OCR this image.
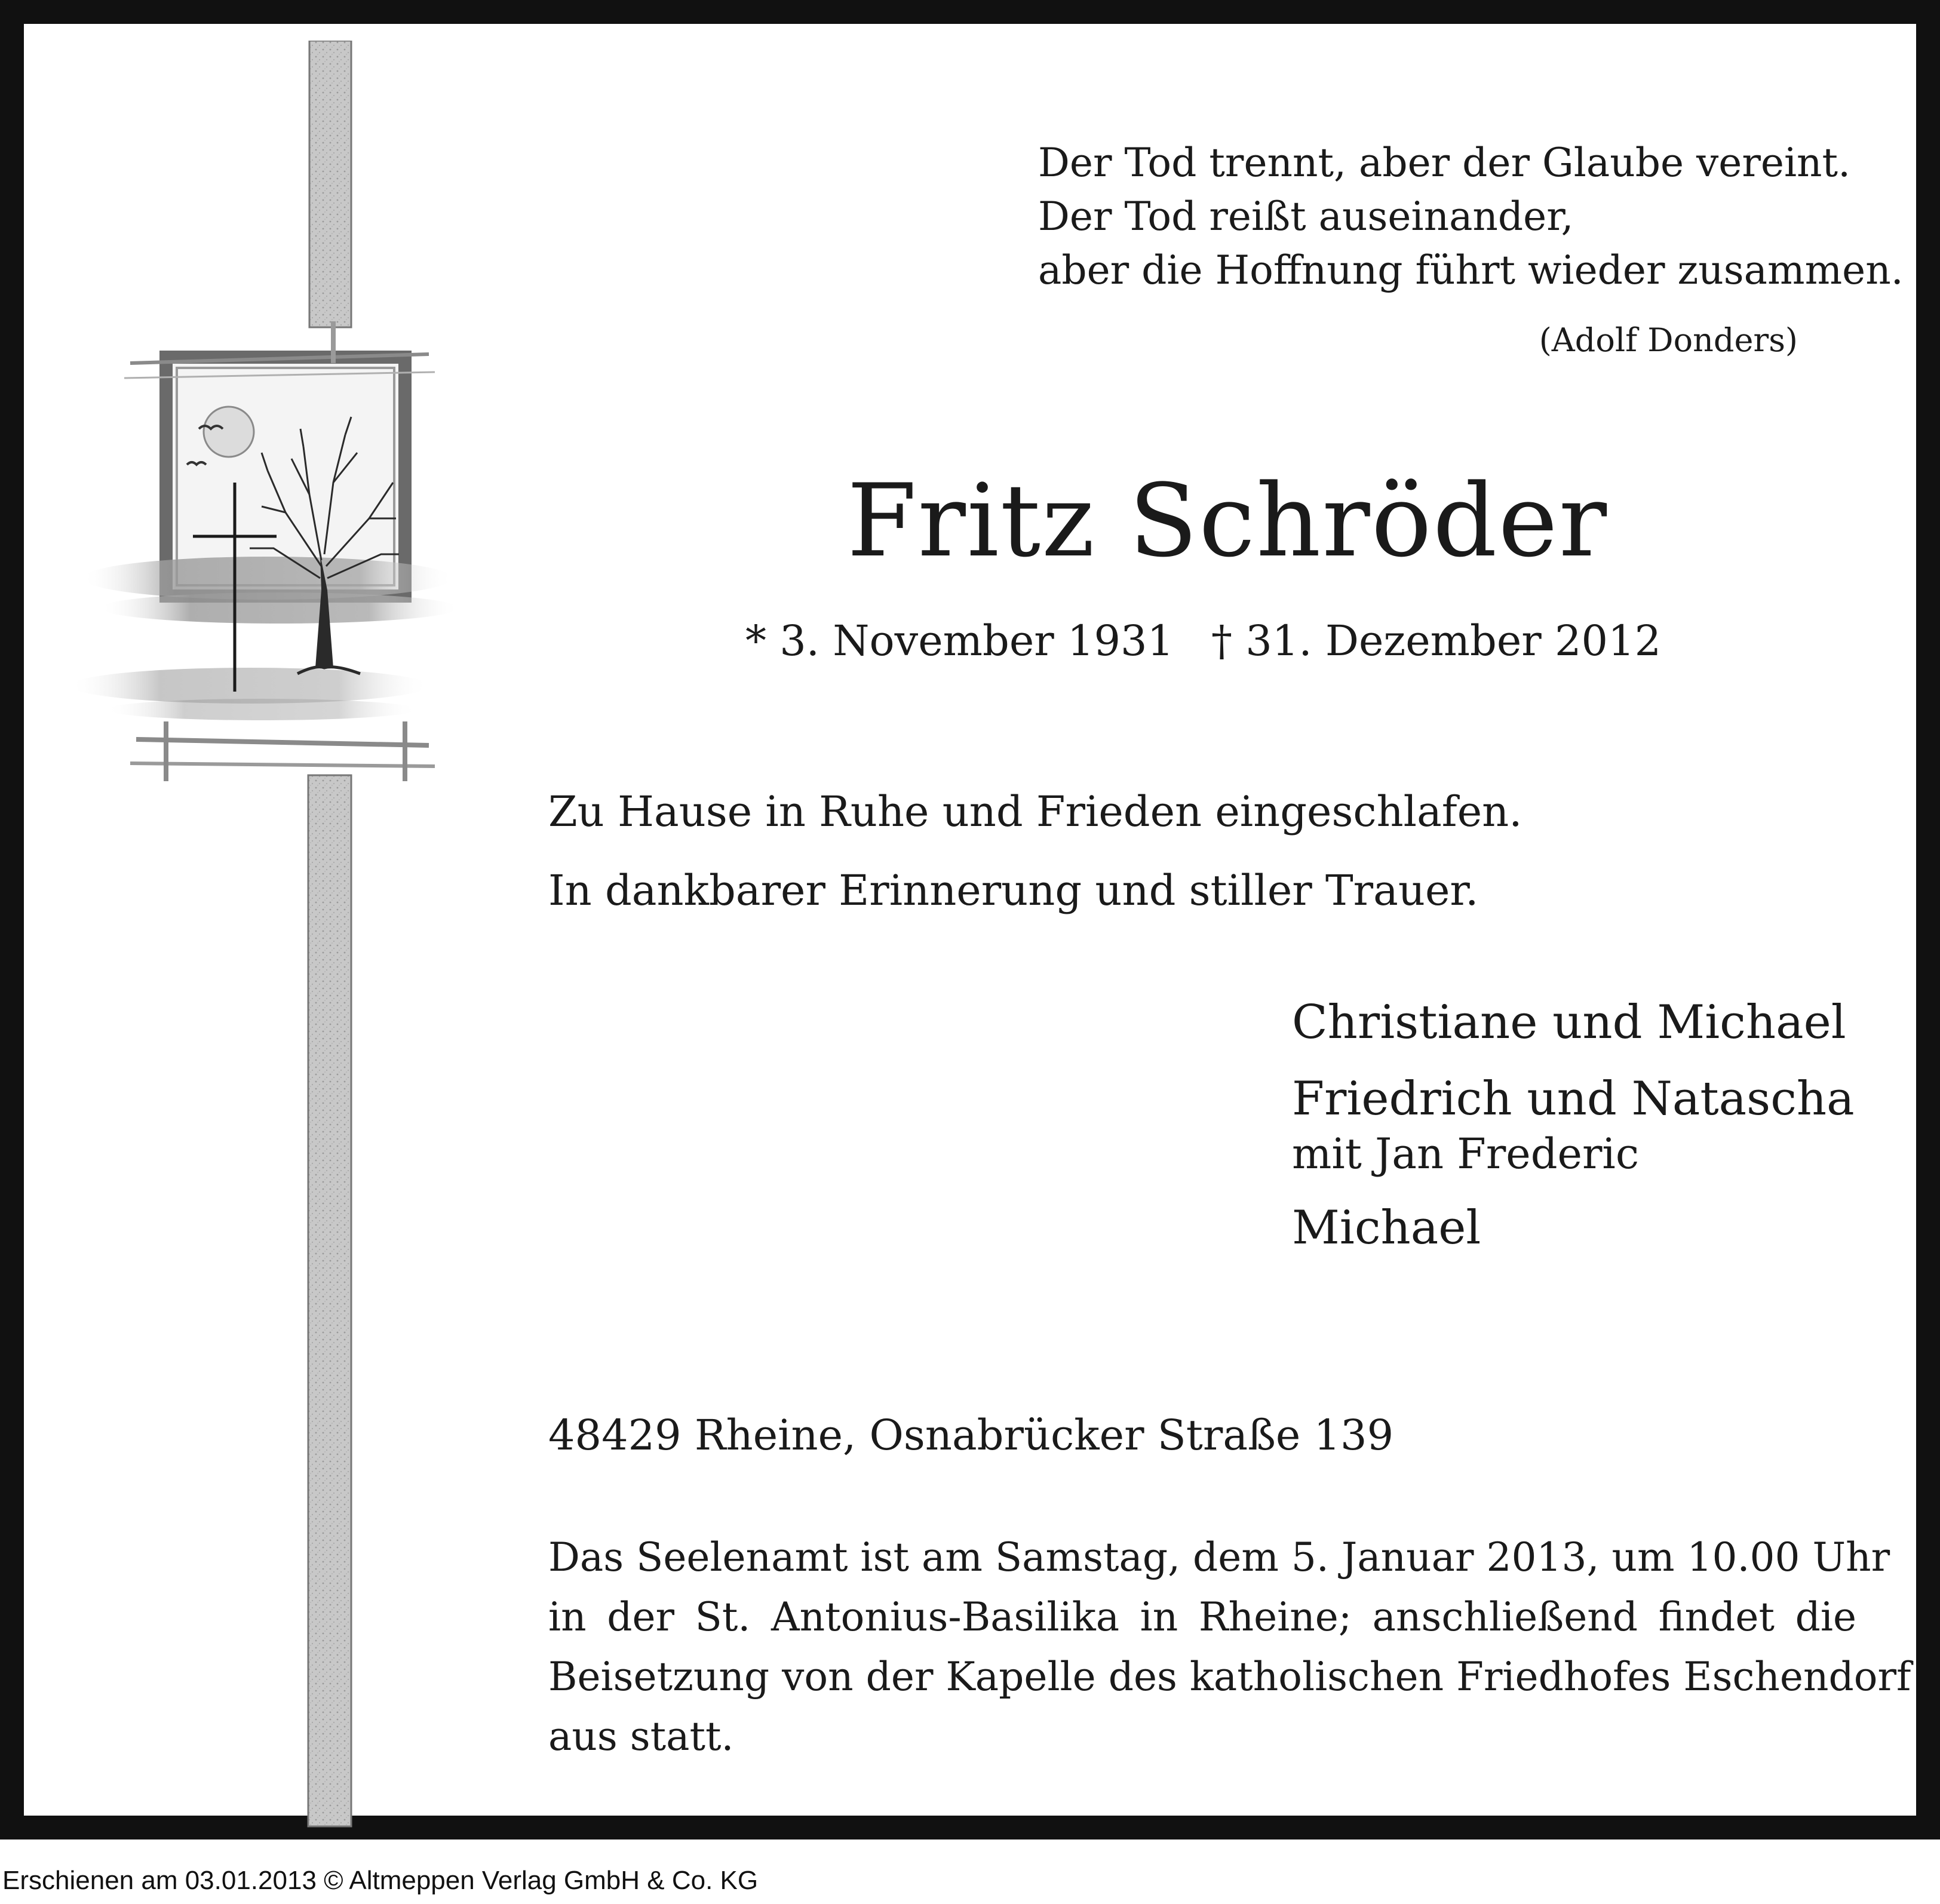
Der Tod trennt, aber der Glaube vereint.
Der Tod reißt auseinander,
aber die Hoffnung führt wieder zusammen.
(Adolf Donders)
Fritz Schröder
* 3. November 1931 † 31. Dezember 2012
Zu Hause in Ruhe und Frieden eingeschlafen.
In dankbarer Erinnerung und stiller Trauer.
Christiane und Michael
Friedrich und Natascha
mit Jan Frederic
Michael
48429 Rheine, Osnabrücker Straße 139
Das Seelenamt ist am Samstag, dem 5. Januar 2013, um 10.00 Uhr
in der St. Antonius-Basilika in Rheine; anschließend findet die
Beisetzung von der Kapelle des katholischen Friedhofes Eschendorf
aus statt.
Erschienen am 03.01.2013 © Altmeppen Verlag GmbH & Co. KG
